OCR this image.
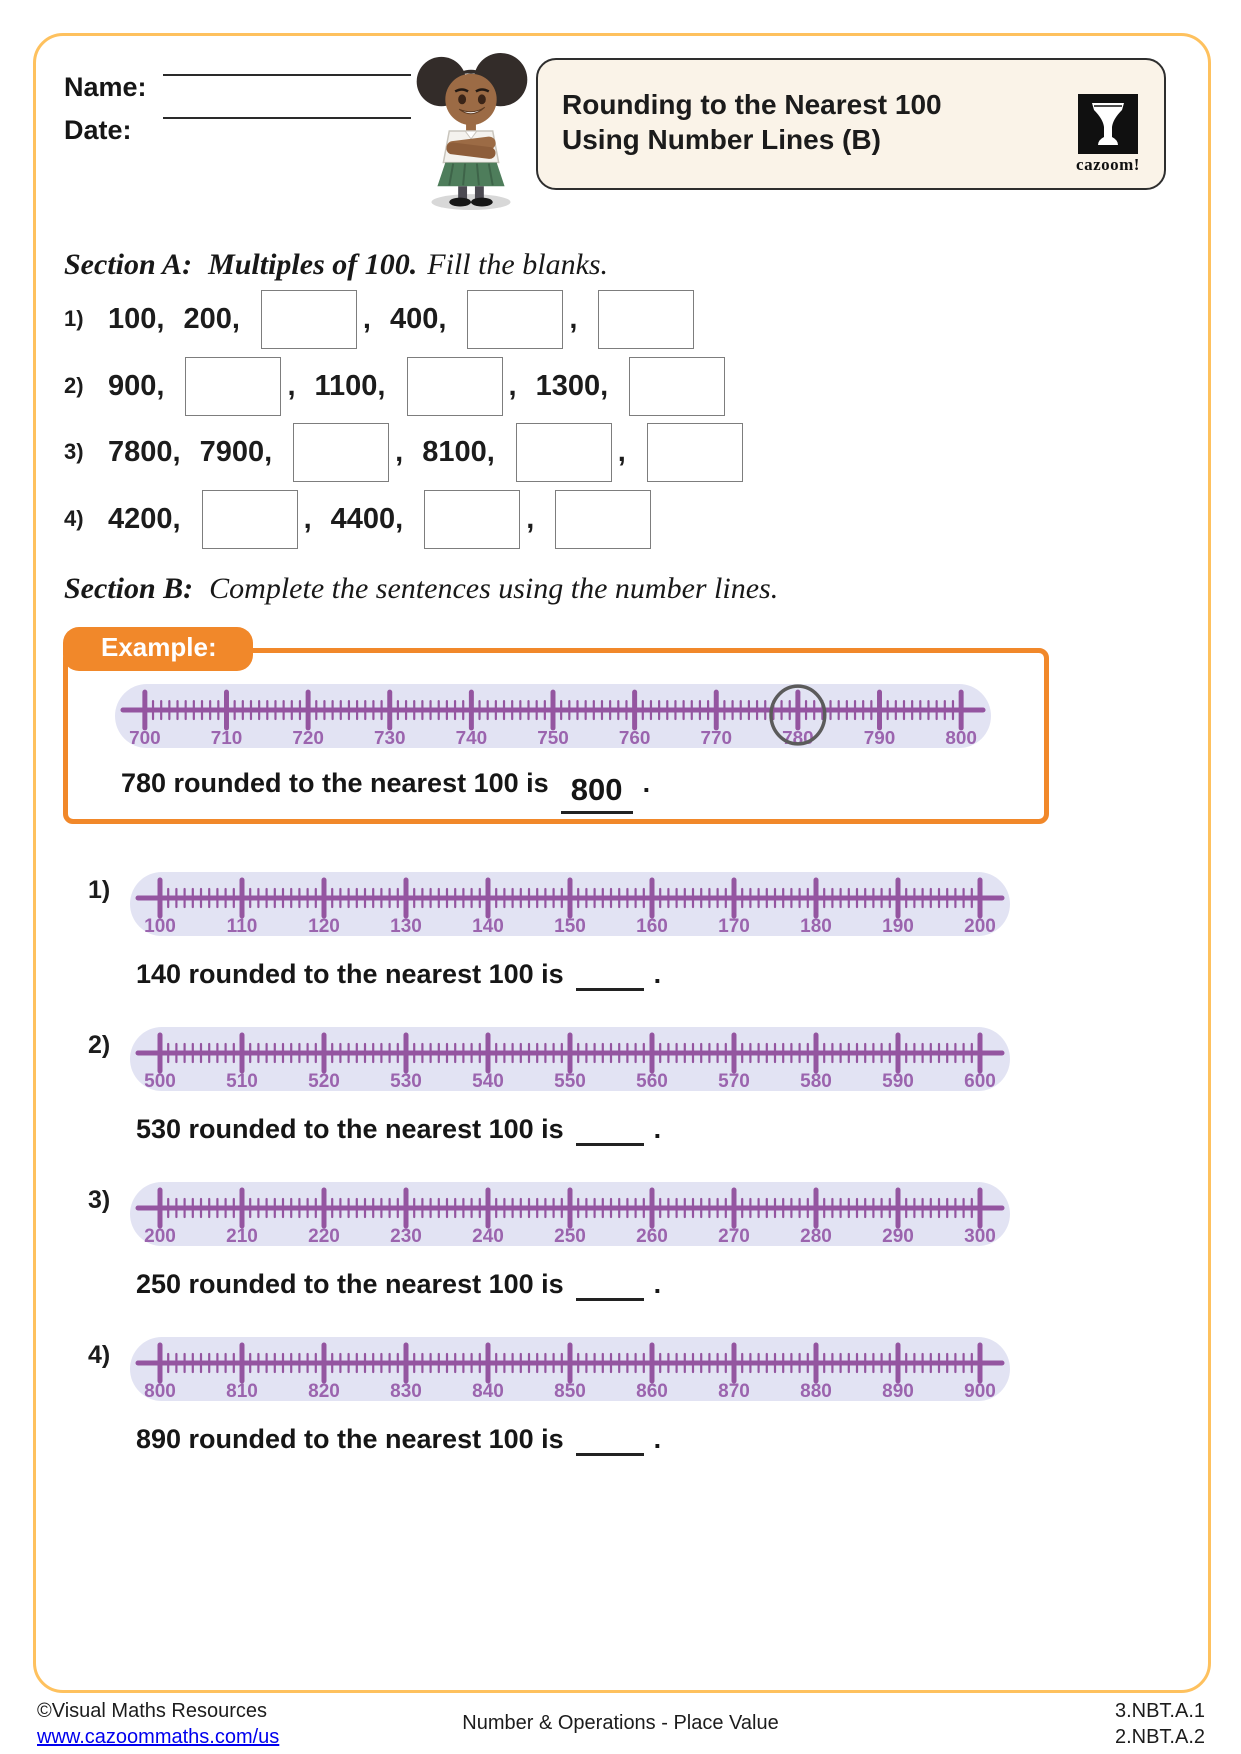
Name:
Date:
Rounding to the Nearest 100
Using Number Lines (B)
cazoom!
Section A: Multiples of 100. Fill the blanks.
1) 100, 200,	, 400,	,
2) 900,	, 1100,	, 1300,
3) 7800, 7900,	, 8100,	,
4) 4200,	, 4400,	,
Section B: Complete the sentences using the number lines.
Example:
700	710	720	730	740	750	760	770	780	790	800
780 rounded to the nearest 100 is 800 .
1)
100	110	120	130	140	150	160	170	180	190	200
140 rounded to the nearest 100 is	.
2)
500	510	520	530	540	550	560	570	580	590	600
530 rounded to the nearest 100 is	.
3)
200	210	220	230	240	250	260	270	280	290	300
250 rounded to the nearest 100 is	.
4)
800	810	820	830	840	850	860	870	880	890	900
890 rounded to the nearest 100 is	.
©Visual Maths Resources
www.cazoommaths.com/us
Number & Operations - Place Value
3.NBT.A.1
2.NBT.A.2
